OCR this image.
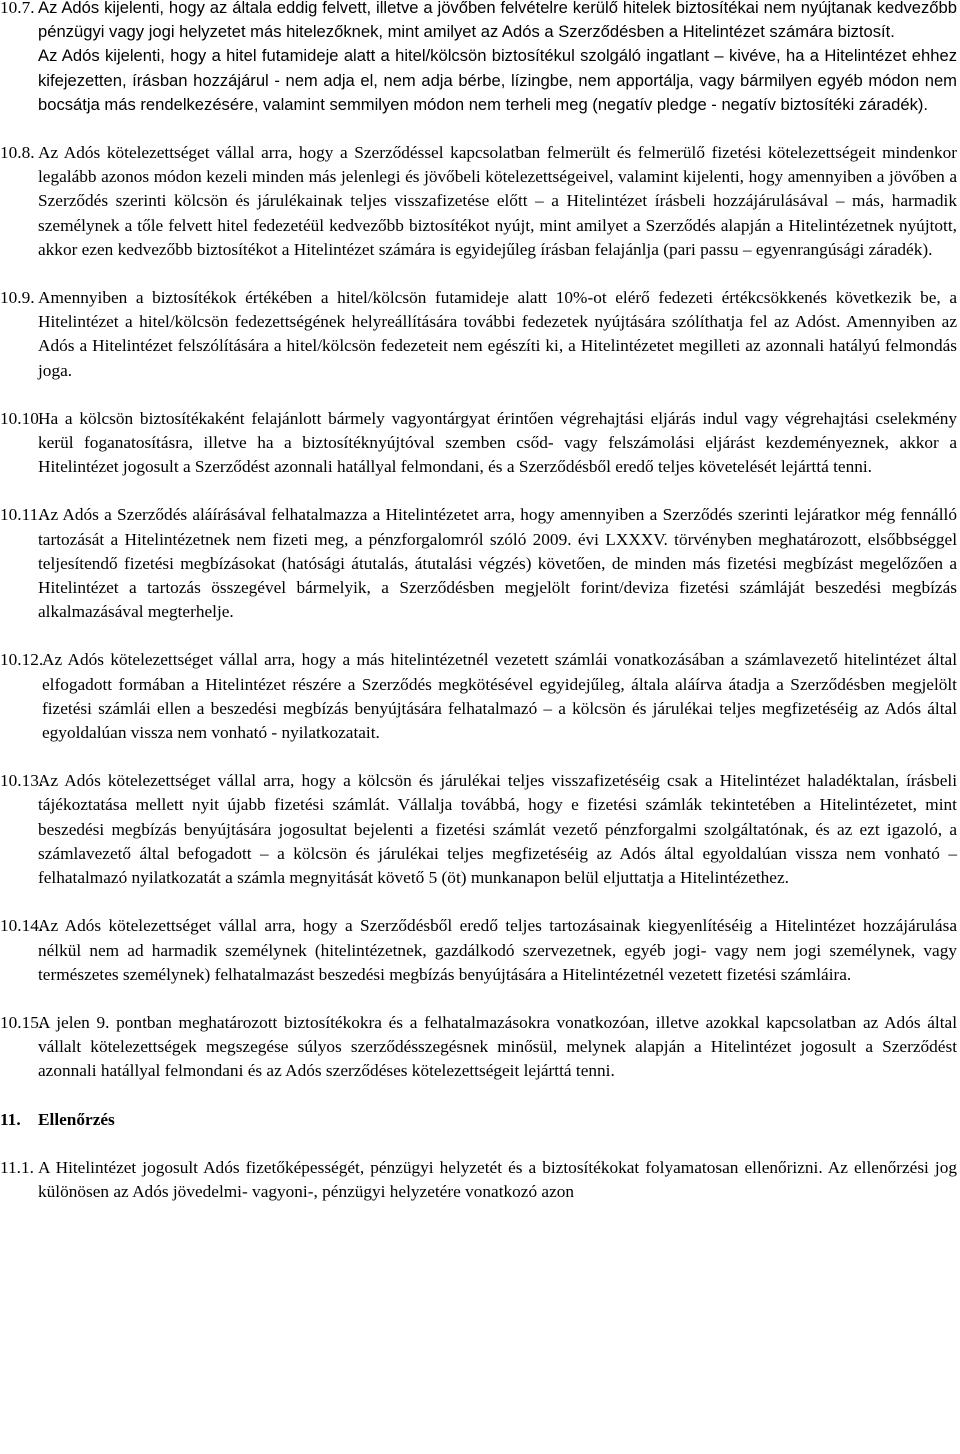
10.7. Az Adós kijelenti, hogy az általa eddig felvett, illetve a jövőben felvételre kerülő hitelek biztosítékai nem nyújtanak kedvezőbb pénzügyi vagy jogi helyzetet más hitelezőknek, mint amilyet az Adós a Szerződésben a Hitelintézet számára biztosít.

Az Adós kijelenti, hogy a hitel futamideje alatt a hitel/kölcsön biztosítékul szolgáló ingatlant – kivéve, ha a Hitelintézet ehhez kifejezetten, írásban hozzájárul - nem adja el, nem adja bérbe, lízingbe, nem apportálja, vagy bármilyen egyéb módon nem bocsátja más rendelkezésére, valamint semmilyen módon nem terheli meg (negatív pledge - negatív biztosítéki záradék).

10.8. Az Adós kötelezettséget vállal arra, hogy a Szerződéssel kapcsolatban felmerült és felmerülő fizetési kötelezettségeit mindenkor legalább azonos módon kezeli minden más jelenlegi és jövőbeli kötelezettségeivel, valamint kijelenti, hogy amennyiben a jövőben a Szerződés szerinti kölcsön és járulékainak teljes visszafizetése előtt – a Hitelintézet írásbeli hozzájárulásával – más, harmadik személynek a tőle felvett hitel fedezetéül kedvezőbb biztosítékot nyújt, mint amilyet a Szerződés alapján a Hitelintézetnek nyújtott, akkor ezen kedvezőbb biztosítékot a Hitelintézet számára is egyidejűleg írásban felajánlja (pari passu – egyenrangúsági záradék).

10.9. Amennyiben a biztosítékok értékében a hitel/kölcsön futamideje alatt 10%-ot elérő fedezeti értékcsökkenés következik be, a Hitelintézet a hitel/kölcsön fedezettségének helyreállítására további fedezetek nyújtására szólíthatja fel az Adóst. Amennyiben az Adós a Hitelintézet felszólítására a hitel/kölcsön fedezeteit nem egészíti ki, a Hitelintézetet megilleti az azonnali hatályú felmondás joga.

10.10.

Ha a kölcsön biztosítékaként felajánlott bármely vagyontárgyat érintően végrehajtási eljárás indul vagy végrehajtási cselekmény kerül foganatosításra, illetve ha a biztosítéknyújtóval szemben csőd- vagy felszámolási eljárást kezdeményeznek, akkor a Hitelintézet jogosult a Szerződést azonnali hatállyal felmondani, és a Szerződésből eredő teljes követelését lejárttá tenni.

10.11.

Az Adós a Szerződés aláírásával felhatalmazza a Hitelintézetet arra, hogy amennyiben a Szerződés szerinti lejáratkor még fennálló tartozását a Hitelintézetnek nem fizeti meg, a pénzforgalomról szóló 2009. évi LXXXV. törvényben meghatározott, elsőbbséggel teljesítendő fizetési megbízásokat (hatósági átutalás, átutalási végzés) követően, de minden más fizetési megbízást megelőzően a Hitelintézet a tartozás összegével bármelyik, a Szerződésben megjelölt forint/deviza fizetési számláját beszedési megbízás alkalmazásával megterhelje.

10.12.

Az Adós kötelezettséget vállal arra, hogy a más hitelintézetnél vezetett számlái vonatkozásában a számlavezető hitelintézet által elfogadott formában a Hitelintézet részére a Szerződés megkötésével egyidejűleg, általa aláírva átadja a Szerződésben megjelölt fizetési számlái ellen a beszedési megbízás benyújtására felhatalmazó – a kölcsön és járulékai teljes megfizetéséig az Adós által egyoldalúan vissza nem vonható - nyilatkozatait.

10.13.

Az Adós kötelezettséget vállal arra, hogy a kölcsön és járulékai teljes visszafizetéséig csak a Hitelintézet haladéktalan, írásbeli tájékoztatása mellett nyit újabb fizetési számlát. Vállalja továbbá, hogy e fizetési számlák tekintetében a Hitelintézetet, mint beszedési megbízás benyújtására jogosultat bejelenti a fizetési számlát vezető pénzforgalmi szolgáltatónak, és az ezt igazoló, a számlavezető által befogadott – a kölcsön és járulékai teljes megfizetéséig az Adós által egyoldalúan vissza nem vonható – felhatalmazó nyilatkozatát a számla megnyitását követő 5 (öt) munkanapon belül eljuttatja a Hitelintézethez.

10.14.

Az Adós kötelezettséget vállal arra, hogy a Szerződésből eredő teljes tartozásainak kiegyenlítéséig a Hitelintézet hozzájárulása nélkül nem ad harmadik személynek (hitelintézetnek, gazdálkodó szervezetnek, egyéb jogi- vagy nem jogi személynek, vagy természetes személynek) felhatalmazást beszedési megbízás benyújtására a Hitelintézetnél vezetett fizetési számláira.

10.15.

A jelen 9. pontban meghatározott biztosítékokra és a felhatalmazásokra vonatkozóan, illetve azokkal kapcsolatban az Adós által vállalt kötelezettségek megszegése súlyos szerződésszegésnek minősül, melynek alapján a Hitelintézet jogosult a Szerződést azonnali hatállyal felmondani és az Adós szerződéses kötelezettségeit lejárttá tenni.

11. Ellenőrzés
11.1. A Hitelintézet jogosult Adós fizetőképességét, pénzügyi helyzetét és a biztosítékokat folyamatosan ellenőrizni. Az ellenőrzési jog különösen az Adós jövedelmi- vagyoni-, pénzügyi helyzetére vonatkozó azon
